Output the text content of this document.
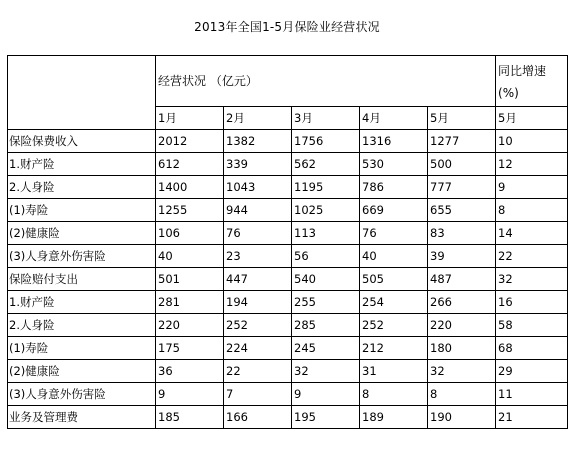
2013年全国1-5月保险业经营状况
	经营状况 （亿元）					同比增速
(%)
	1月	2月	3月	4月	5月	5月
保险保费收入	2012	1382	1756	1316	1277	10
1.财产险	612	339	562	530	500	12
2.人身险	1400	1043	1195	786	777	9
(1)寿险	1255	944	1025	669	655	8
(2)健康险	106	76	113	76	83	14
(3)人身意外伤害险	40	23	56	40	39	22
保险赔付支出	501	447	540	505	487	32
1.财产险	281	194	255	254	266	16
2.人身险	220	252	285	252	220	58
(1)寿险	175	224	245	212	180	68
(2)健康险	36	22	32	31	32	29
(3)人身意外伤害险	9	7	9	8	8	11
业务及管理费	185	166	195	189	190	21
